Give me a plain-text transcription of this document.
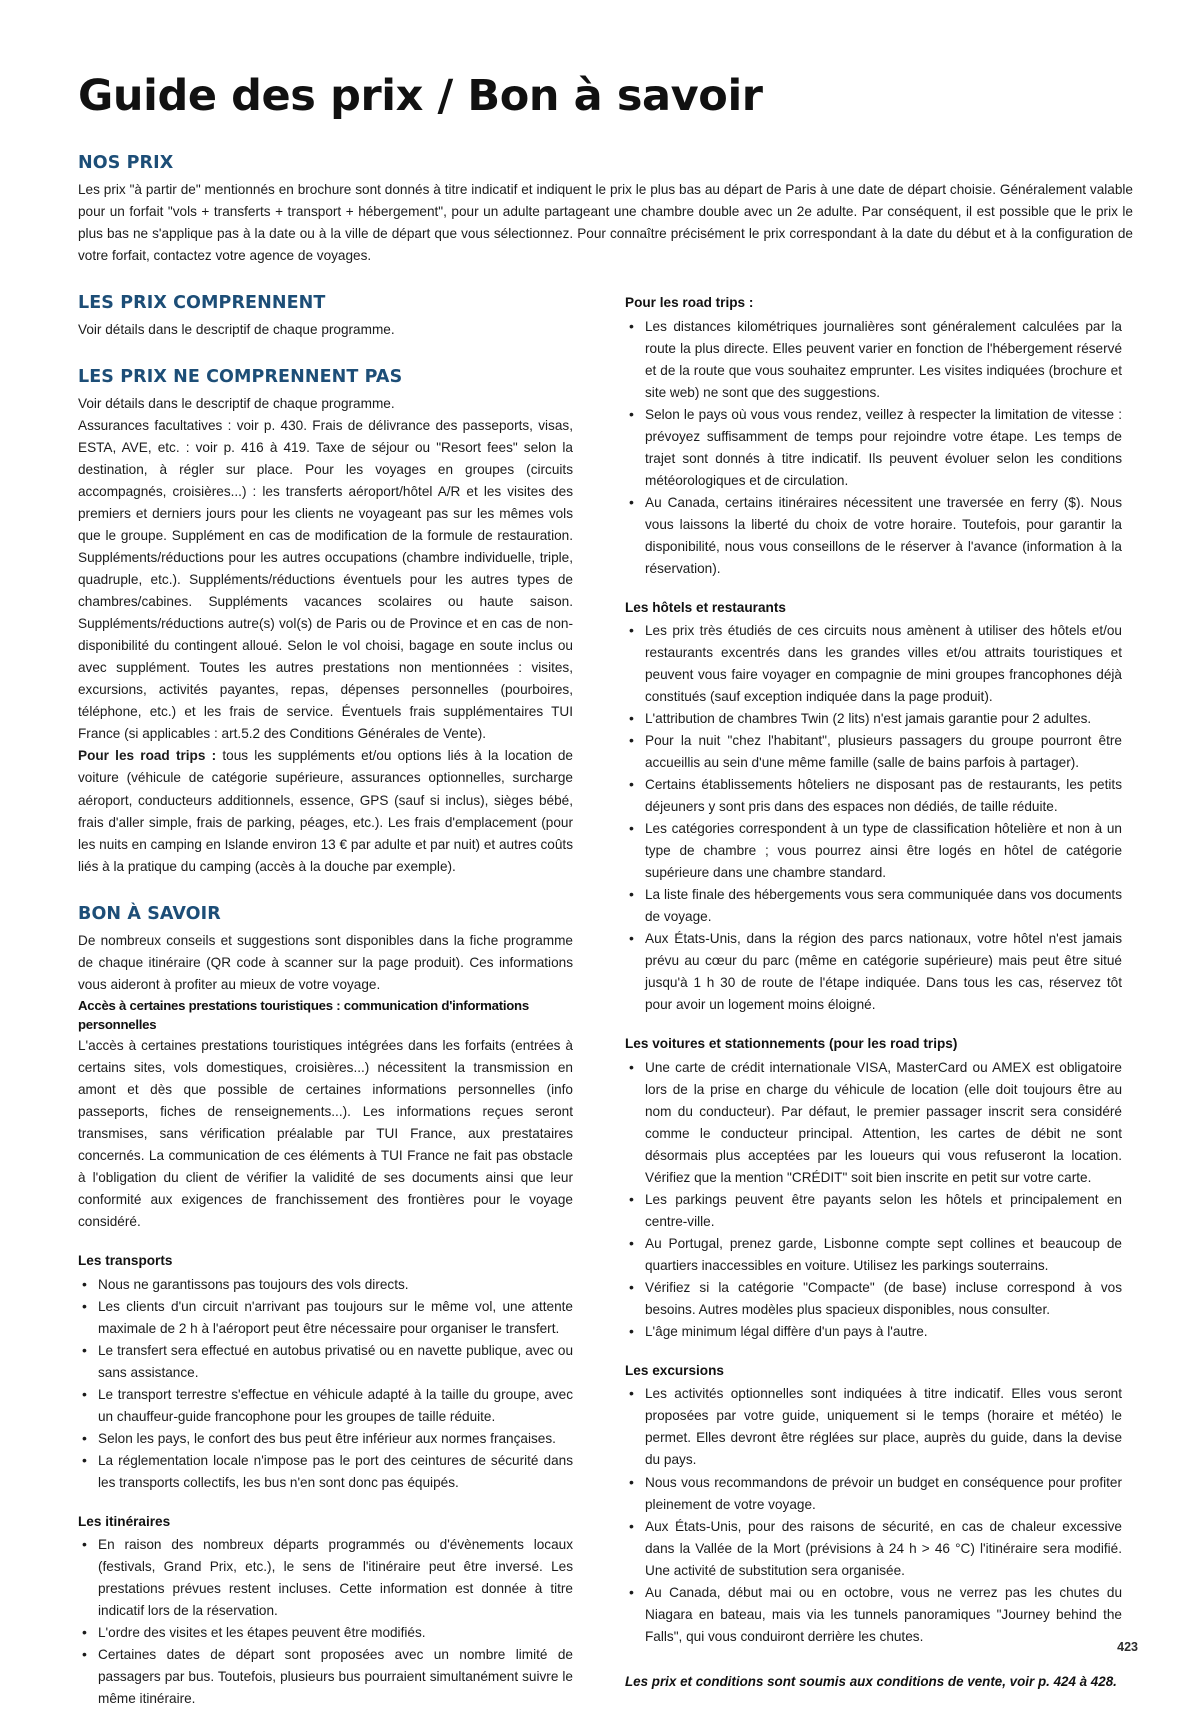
Guide des prix / Bon à savoir
NOS PRIX

Les prix "à partir de" mentionnés en brochure sont donnés à titre indicatif et indiquent le prix le plus bas au départ de Paris à une date de départ choisie. Généralement valable pour un forfait "vols + transferts + transport + hébergement", pour un adulte partageant une chambre double avec un 2e adulte. Par conséquent, il est possible que le prix le plus bas ne s'applique pas à la date ou à la ville de départ que vous sélectionnez. Pour connaître précisément le prix correspondant à la date du début et à la configuration de votre forfait, contactez votre agence de voyages.

LES PRIX COMPRENNENT

Voir détails dans le descriptif de chaque programme.

LES PRIX NE COMPRENNENT PAS

Voir détails dans le descriptif de chaque programme.

Assurances facultatives : voir p. 430. Frais de délivrance des passeports, visas, ESTA, AVE, etc. : voir p. 416 à 419. Taxe de séjour ou "Resort fees" selon la destination, à régler sur place. Pour les voyages en groupes (circuits accompagnés, croisières...) : les transferts aéroport/hôtel A/R et les visites des premiers et derniers jours pour les clients ne voyageant pas sur les mêmes vols que le groupe. Supplément en cas de modification de la formule de restauration. Suppléments/réductions pour les autres occupations (chambre individuelle, triple, quadruple, etc.). Suppléments/réductions éventuels pour les autres types de chambres/cabines. Suppléments vacances scolaires ou haute saison. Suppléments/réductions autre(s) vol(s) de Paris ou de Province et en cas de non-disponibilité du contingent alloué. Selon le vol choisi, bagage en soute inclus ou avec supplément. Toutes les autres prestations non mentionnées : visites, excursions, activités payantes, repas, dépenses personnelles (pourboires, téléphone, etc.) et les frais de service. Éventuels frais supplémentaires TUI France (si applicables : art.5.2 des Conditions Générales de Vente).

Pour les road trips : tous les suppléments et/ou options liés à la location de voiture (véhicule de catégorie supérieure, assurances optionnelles, surcharge aéroport, conducteurs additionnels, essence, GPS (sauf si inclus), sièges bébé, frais d'aller simple, frais de parking, péages, etc.). Les frais d'emplacement (pour les nuits en camping en Islande environ 13 € par adulte et par nuit) et autres coûts liés à la pratique du camping (accès à la douche par exemple).

BON À SAVOIR

De nombreux conseils et suggestions sont disponibles dans la fiche programme de chaque itinéraire (QR code à scanner sur la page produit). Ces informations vous aideront à profiter au mieux de votre voyage.

Accès à certaines prestations touristiques : communication d'informations personnelles

L'accès à certaines prestations touristiques intégrées dans les forfaits (entrées à certains sites, vols domestiques, croisières...) nécessitent la transmission en amont et dès que possible de certaines informations personnelles (info passeports, fiches de renseignements...). Les informations reçues seront transmises, sans vérification préalable par TUI France, aux prestataires concernés. La communication de ces éléments à TUI France ne fait pas obstacle à l'obligation du client de vérifier la validité de ses documents ainsi que leur conformité aux exigences de franchissement des frontières pour le voyage considéré.

Les transports
• Nous ne garantissons pas toujours des vols directs.
• Les clients d'un circuit n'arrivant pas toujours sur le même vol, une attente maximale de 2 h à l'aéroport peut être nécessaire pour organiser le transfert.
• Le transfert sera effectué en autobus privatisé ou en navette publique, avec ou sans assistance.
• Le transport terrestre s'effectue en véhicule adapté à la taille du groupe, avec un chauffeur-guide francophone pour les groupes de taille réduite.
• Selon les pays, le confort des bus peut être inférieur aux normes françaises.
• La réglementation locale n'impose pas le port des ceintures de sécurité dans les transports collectifs, les bus n'en sont donc pas équipés.
Les itinéraires
• En raison des nombreux départs programmés ou d'évènements locaux (festivals, Grand Prix, etc.), le sens de l'itinéraire peut être inversé. Les prestations prévues restent incluses. Cette information est donnée à titre indicatif lors de la réservation.
• L'ordre des visites et les étapes peuvent être modifiés.
• Certaines dates de départ sont proposées avec un nombre limité de passagers par bus. Toutefois, plusieurs bus pourraient simultanément suivre le même itinéraire.
Pour les road trips :
• Les distances kilométriques journalières sont généralement calculées par la route la plus directe. Elles peuvent varier en fonction de l'hébergement réservé et de la route que vous souhaitez emprunter. Les visites indiquées (brochure et site web) ne sont que des suggestions.
• Selon le pays où vous vous rendez, veillez à respecter la limitation de vitesse : prévoyez suffisamment de temps pour rejoindre votre étape. Les temps de trajet sont donnés à titre indicatif. Ils peuvent évoluer selon les conditions météorologiques et de circulation.
• Au Canada, certains itinéraires nécessitent une traversée en ferry ($). Nous vous laissons la liberté du choix de votre horaire. Toutefois, pour garantir la disponibilité, nous vous conseillons de le réserver à l'avance (information à la réservation).
Les hôtels et restaurants
• Les prix très étudiés de ces circuits nous amènent à utiliser des hôtels et/ou restaurants excentrés dans les grandes villes et/ou attraits touristiques et peuvent vous faire voyager en compagnie de mini groupes francophones déjà constitués (sauf exception indiquée dans la page produit).
• L'attribution de chambres Twin (2 lits) n'est jamais garantie pour 2 adultes.
• Pour la nuit "chez l'habitant", plusieurs passagers du groupe pourront être accueillis au sein d'une même famille (salle de bains parfois à partager).
• Certains établissements hôteliers ne disposant pas de restaurants, les petits déjeuners y sont pris dans des espaces non dédiés, de taille réduite.
• Les catégories correspondent à un type de classification hôtelière et non à un type de chambre ; vous pourrez ainsi être logés en hôtel de catégorie supérieure dans une chambre standard.
• La liste finale des hébergements vous sera communiquée dans vos documents de voyage.
• Aux États-Unis, dans la région des parcs nationaux, votre hôtel n'est jamais prévu au cœur du parc (même en catégorie supérieure) mais peut être situé jusqu'à 1 h 30 de route de l'étape indiquée. Dans tous les cas, réservez tôt pour avoir un logement moins éloigné.
Les voitures et stationnements (pour les road trips)
• Une carte de crédit internationale VISA, MasterCard ou AMEX est obligatoire lors de la prise en charge du véhicule de location (elle doit toujours être au nom du conducteur). Par défaut, le premier passager inscrit sera considéré comme le conducteur principal. Attention, les cartes de débit ne sont désormais plus acceptées par les loueurs qui vous refuseront la location. Vérifiez que la mention "CRÉDIT" soit bien inscrite en petit sur votre carte.
• Les parkings peuvent être payants selon les hôtels et principalement en centre-ville.
• Au Portugal, prenez garde, Lisbonne compte sept collines et beaucoup de quartiers inaccessibles en voiture. Utilisez les parkings souterrains.
• Vérifiez si la catégorie "Compacte" (de base) incluse correspond à vos besoins. Autres modèles plus spacieux disponibles, nous consulter.
• L'âge minimum légal diffère d'un pays à l'autre.
Les excursions
• Les activités optionnelles sont indiquées à titre indicatif. Elles vous seront proposées par votre guide, uniquement si le temps (horaire et météo) le permet. Elles devront être réglées sur place, auprès du guide, dans la devise du pays.
• Nous vous recommandons de prévoir un budget en conséquence pour profiter pleinement de votre voyage.
• Aux États-Unis, pour des raisons de sécurité, en cas de chaleur excessive dans la Vallée de la Mort (prévisions à 24 h > 46 °C) l'itinéraire sera modifié. Une activité de substitution sera organisée.
• Au Canada, début mai ou en octobre, vous ne verrez pas les chutes du Niagara en bateau, mais via les tunnels panoramiques "Journey behind the Falls", qui vous conduiront derrière les chutes.
Les prix et conditions sont soumis aux conditions de vente, voir p. 424 à 428.
423
